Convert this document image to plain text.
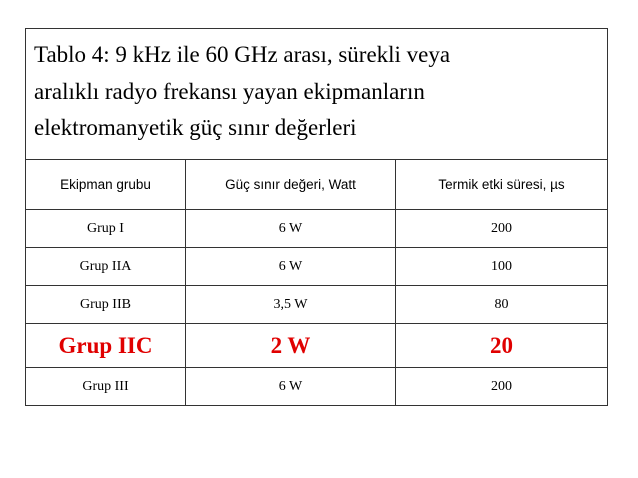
Tablo 4: 9 kHz ile 60 GHz arası, sürekli veya
aralıklı radyo frekansı yayan ekipmanların
elektromanyetik güç sınır değerleri		

Ekipman grubu	Güç sınır değeri, Watt	Termik etki süresi, µs
Grup I	6 W	200
Grup IIA	6 W	100
Grup IIB	3,5 W	80
Grup IIC	2 W	20
Grup III	6 W	200
